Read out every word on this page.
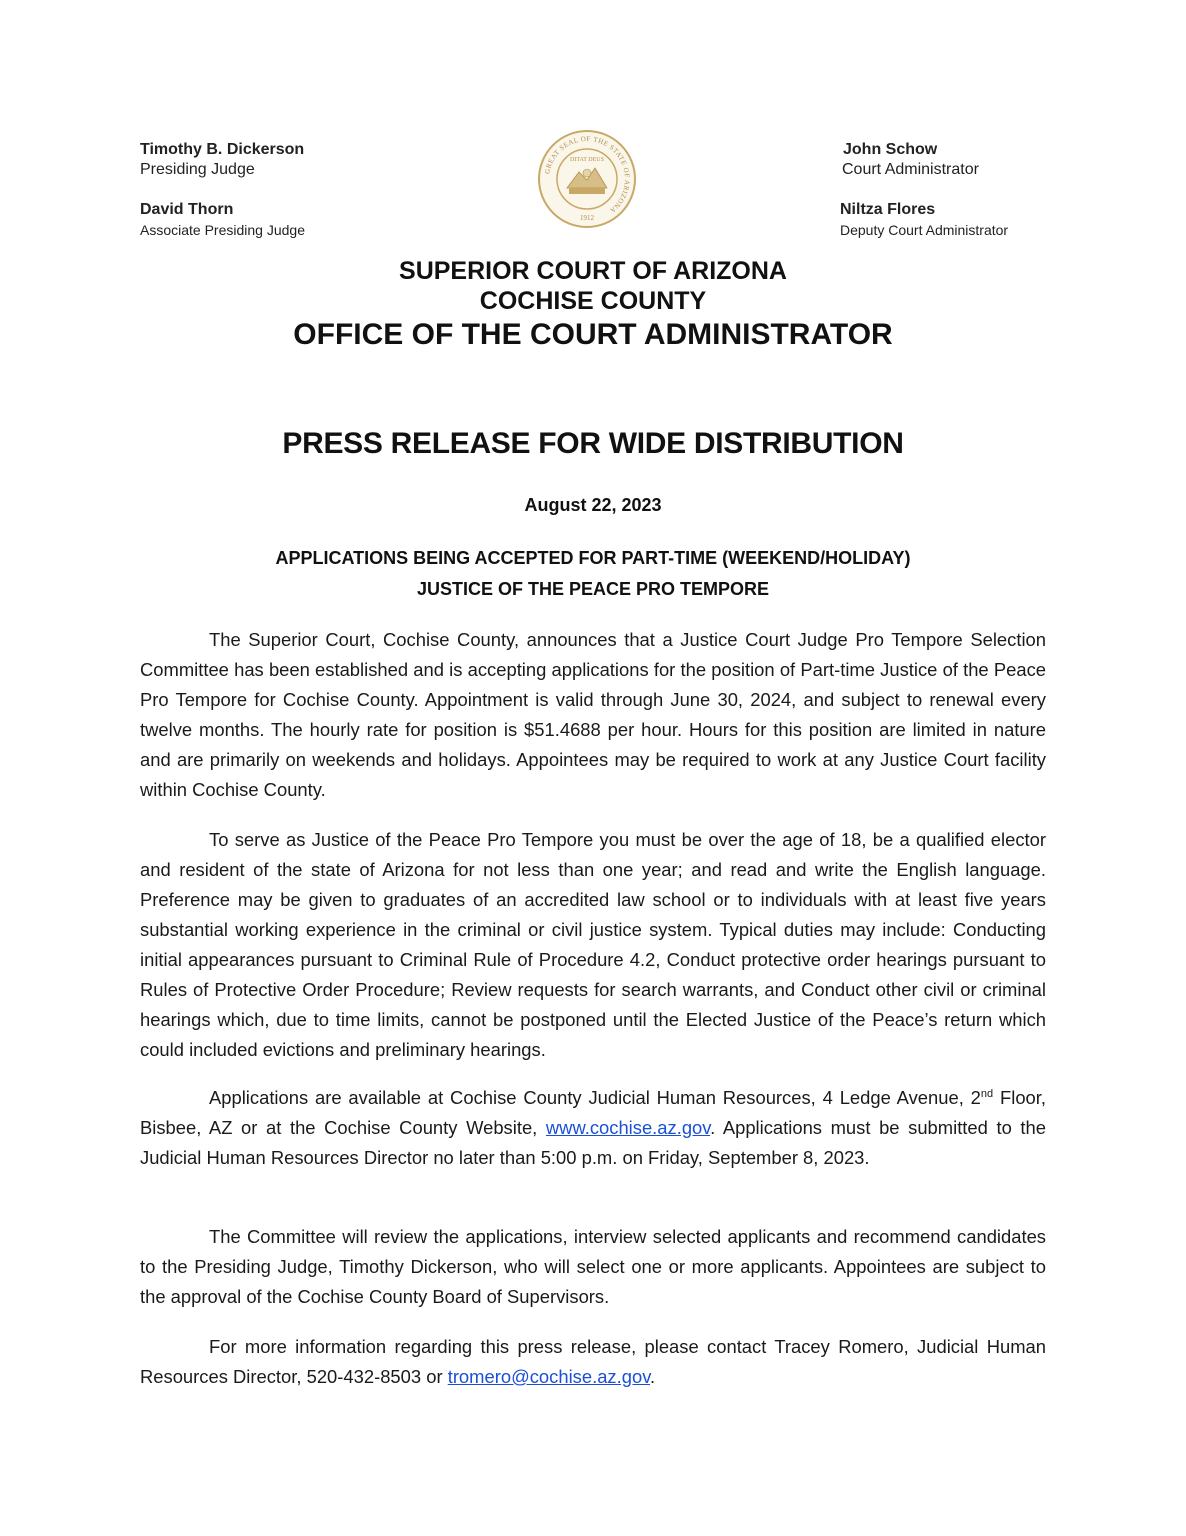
Timothy B. Dickerson
Presiding Judge
David Thorn
Associate Presiding Judge
John Schow
Court Administrator
Niltza Flores
Deputy Court Administrator
GREAT SEAL OF THE STATE OF ARIZONA
DITAT DEUS
1912
SUPERIOR COURT OF ARIZONA
COCHISE COUNTY
OFFICE OF THE COURT ADMINISTRATOR
PRESS RELEASE FOR WIDE DISTRIBUTION
August 22, 2023
APPLICATIONS BEING ACCEPTED FOR PART-TIME (WEEKEND/HOLIDAY)
JUSTICE OF THE PEACE PRO TEMPORE
The Superior Court, Cochise County, announces that a Justice Court Judge Pro Tempore Selection Committee has been established and is accepting applications for the position of Part-time Justice of the Peace Pro Tempore for Cochise County. Appointment is valid through June 30, 2024, and subject to renewal every twelve months. The hourly rate for position is $51.4688 per hour. Hours for this position are limited in nature and are primarily on weekends and holidays. Appointees may be required to work at any Justice Court facility within Cochise County.
To serve as Justice of the Peace Pro Tempore you must be over the age of 18, be a qualified elector and resident of the state of Arizona for not less than one year; and read and write the English language. Preference may be given to graduates of an accredited law school or to individuals with at least five years substantial working experience in the criminal or civil justice system. Typical duties may include: Conducting initial appearances pursuant to Criminal Rule of Procedure 4.2, Conduct protective order hearings pursuant to Rules of Protective Order Procedure; Review requests for search warrants, and Conduct other civil or criminal hearings which, due to time limits, cannot be postponed until the Elected Justice of the Peace’s return which could included evictions and preliminary hearings.
Applications are available at Cochise County Judicial Human Resources, 4 Ledge Avenue, 2nd Floor, Bisbee, AZ or at the Cochise County Website, www.cochise.az.gov. Applications must be submitted to the Judicial Human Resources Director no later than 5:00 p.m. on Friday, September 8, 2023.
The Committee will review the applications, interview selected applicants and recommend candidates to the Presiding Judge, Timothy Dickerson, who will select one or more applicants. Appointees are subject to the approval of the Cochise County Board of Supervisors.
For more information regarding this press release, please contact Tracey Romero, Judicial Human Resources Director, 520-432-8503 or tromero@cochise.az.gov.
